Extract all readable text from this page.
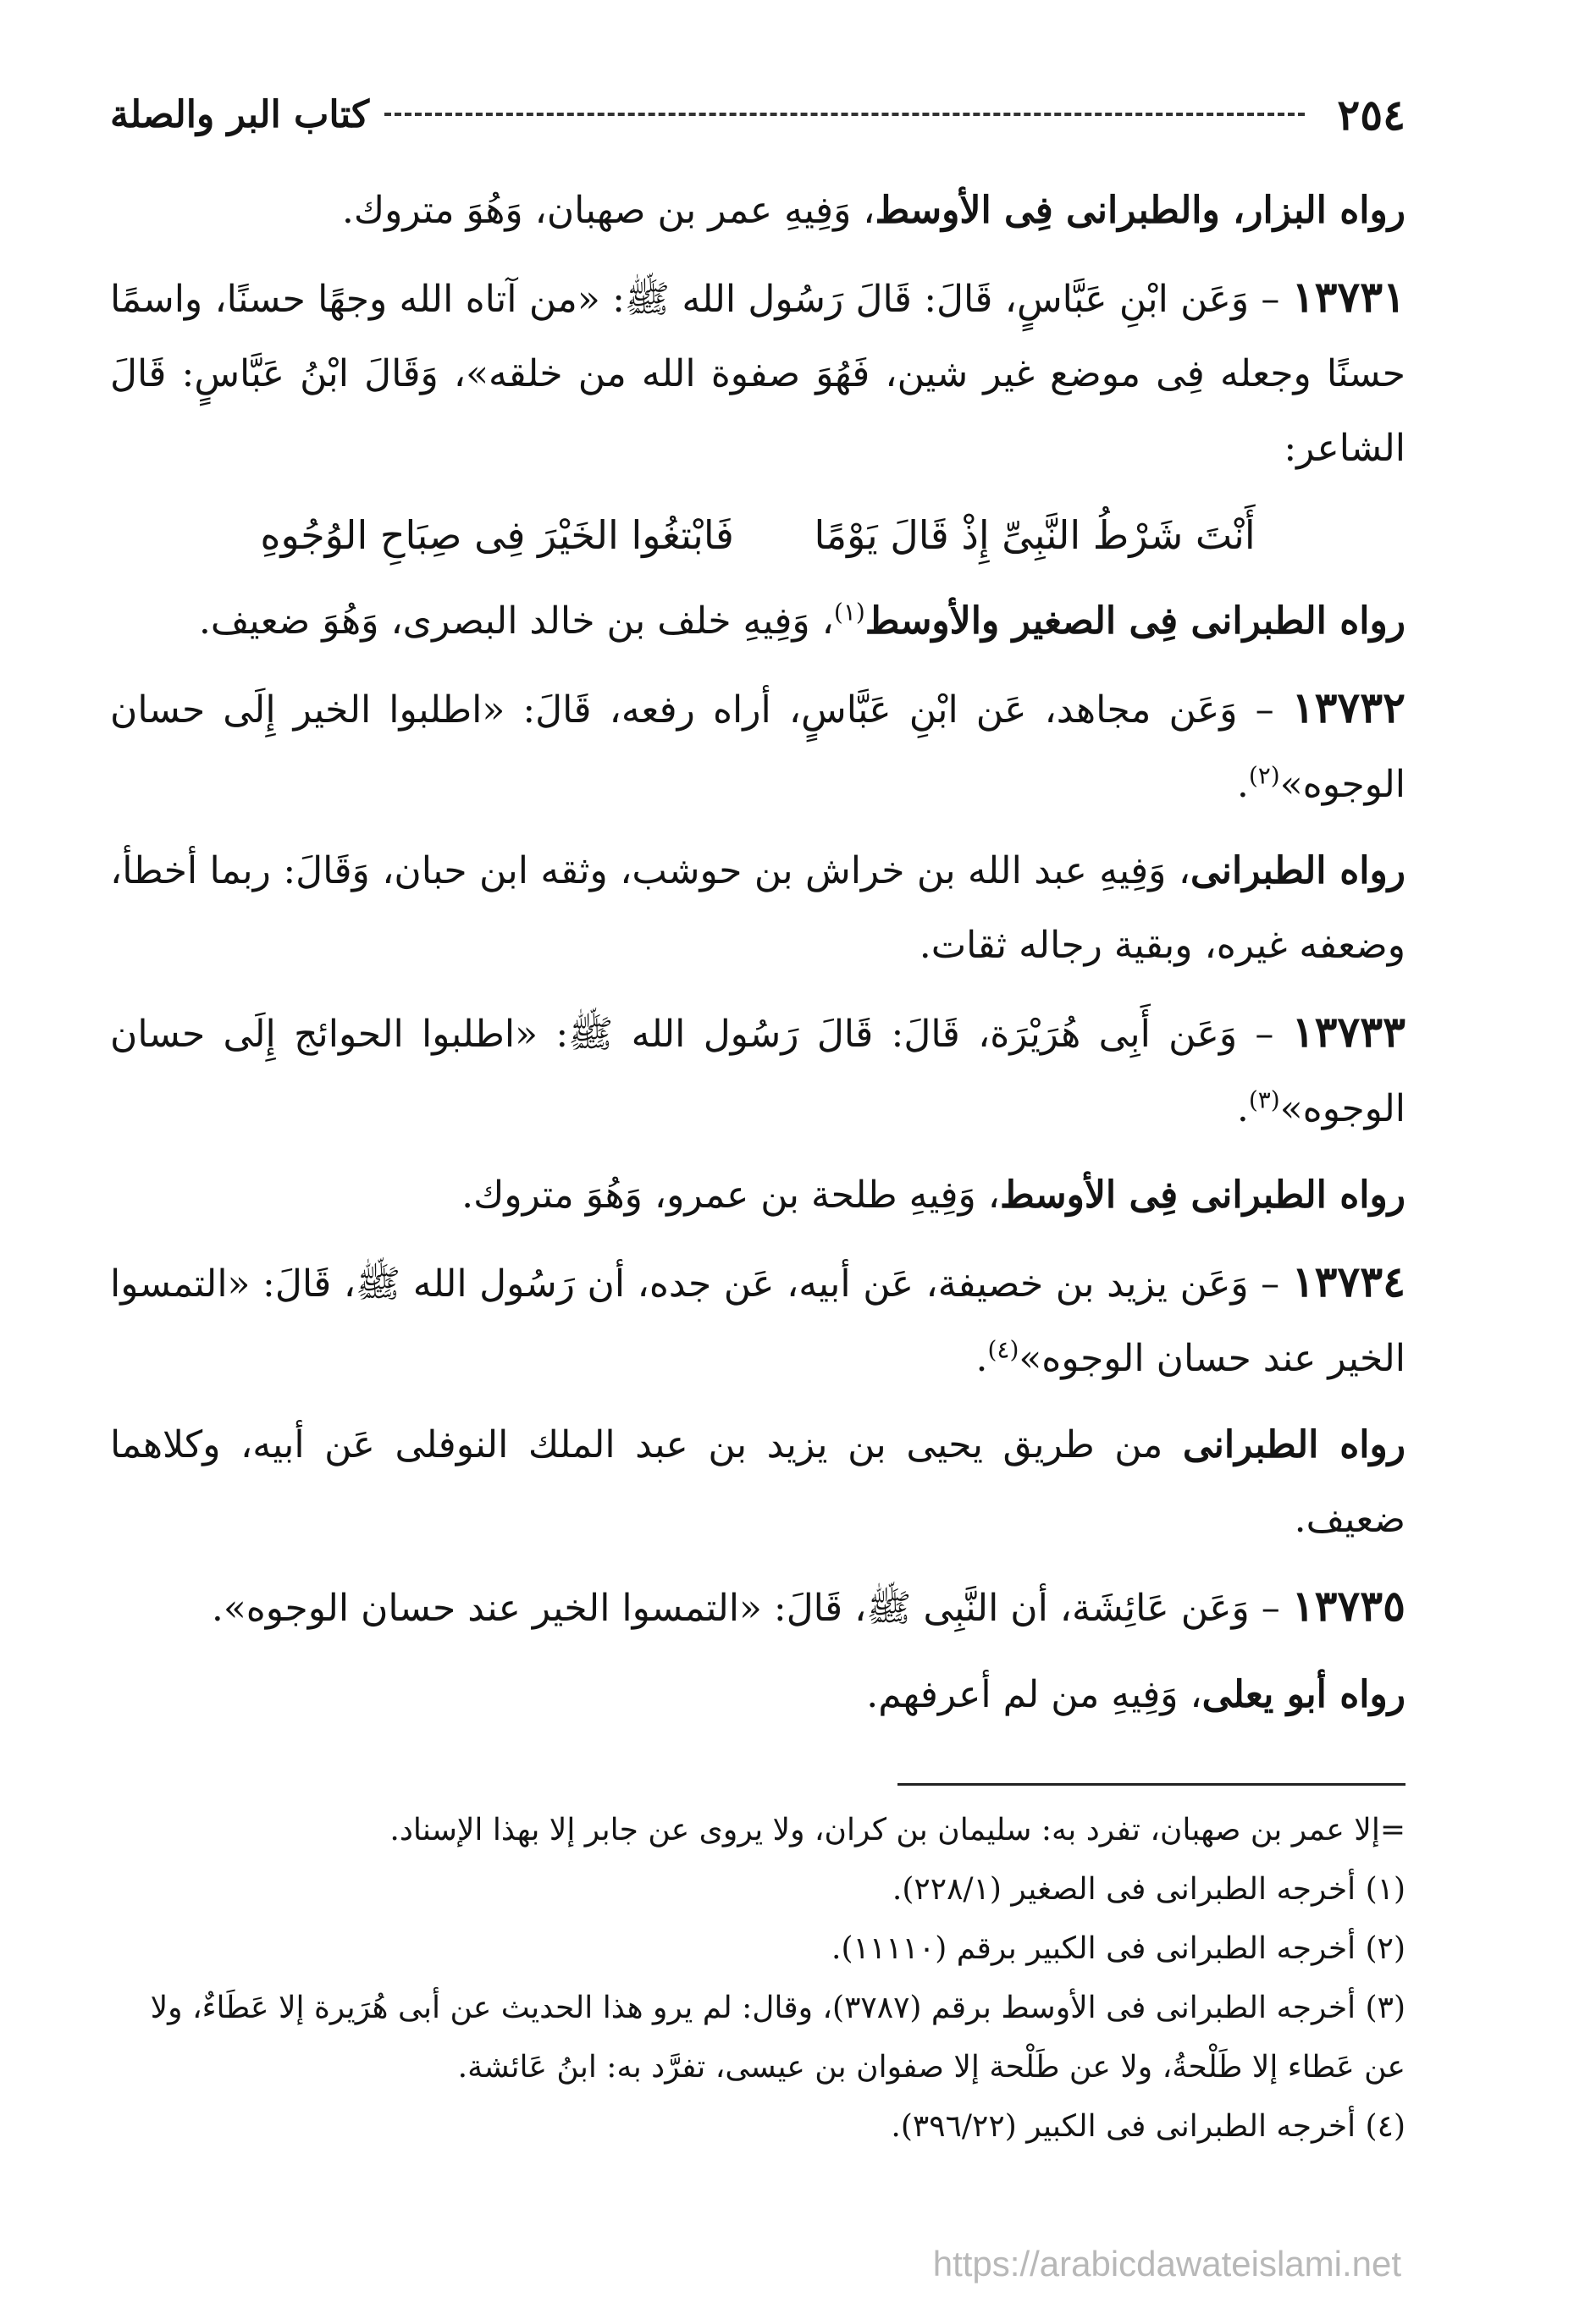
٢٥٤
كتاب البر والصلة

رواه البزار، والطبرانى فِى الأوسط، وَفِيهِ عمر بن صهبان، وَهُوَ متروك.

١٣٧٣١ – وَعَن ابْنِ عَبَّاسٍ، قَالَ: قَالَ رَسُول الله ﷺ: «من آتاه الله وجهًا حسنًا، واسمًا حسنًا وجعله فِى موضع غير شين، فَهُوَ صفوة الله من خلقه»، وَقَالَ ابْنُ عَبَّاسٍ: قَالَ الشاعر:

أَنْتَ شَرْطُ النَّبِىِّ إِذْ قَالَ يَوْمًا فَابْتغُوا الخَيْرَ فِى صِبَاحِ الوُجُوهِ

رواه الطبرانى فِى الصغير والأوسط$^{(١)}$، وَفِيهِ خلف بن خالد البصرى، وَهُوَ ضعيف.

١٣٧٣٢ – وَعَن مجاهد، عَن ابْنِ عَبَّاسٍ، أراه رفعه، قَالَ: «اطلبوا الخير إِلَى حسان الوجوه»$^{(٢)}$.

رواه الطبرانى، وَفِيهِ عبد الله بن خراش بن حوشب، وثقه ابن حبان، وَقَالَ: ربما أخطأ، وضعفه غيره، وبقية رجاله ثقات.

١٣٧٣٣ – وَعَن أَبِى هُرَيْرَة، قَالَ: قَالَ رَسُول الله ﷺ: «اطلبوا الحوائج إِلَى حسان الوجوه»$^{(٣)}$.

رواه الطبرانى فِى الأوسط، وَفِيهِ طلحة بن عمرو، وَهُوَ متروك.

١٣٧٣٤ – وَعَن يزيد بن خصيفة، عَن أبيه، عَن جده، أن رَسُول الله ﷺ، قَالَ: «التمسوا الخير عند حسان الوجوه»$^{(٤)}$.

رواه الطبرانى من طريق يحيى بن يزيد بن عبد الملك النوفلى عَن أبيه، وكلاهما ضعيف.

١٣٧٣٥ – وَعَن عَائِشَة، أن النَّبِى ﷺ، قَالَ: «التمسوا الخير عند حسان الوجوه».

رواه أبو يعلى، وَفِيهِ من لم أعرفهم.

=إلا عمر بن صهبان، تفرد به: سليمان بن كران، ولا يروى عن جابر إلا بهذا الإسناد.

(١) أخرجه الطبرانى فى الصغير (٢٢٨/١).

(٢) أخرجه الطبرانى فى الكبير برقم (١١١١٠).

(٣) أخرجه الطبرانى فى الأوسط برقم (٣٧٨٧)، وقال: لم يرو هذا الحديث عن أبى هُرَيرة إلا عَطَاءٌ، ولا عن عَطاء إلا طَلْحةُ، ولا عن طَلْحة إلا صفوان بن عيسى، تفرَّد به: ابنُ عَائشة.

(٤) أخرجه الطبرانى فى الكبير (٣٩٦/٢٢).

https://arabicdawateislami.net
